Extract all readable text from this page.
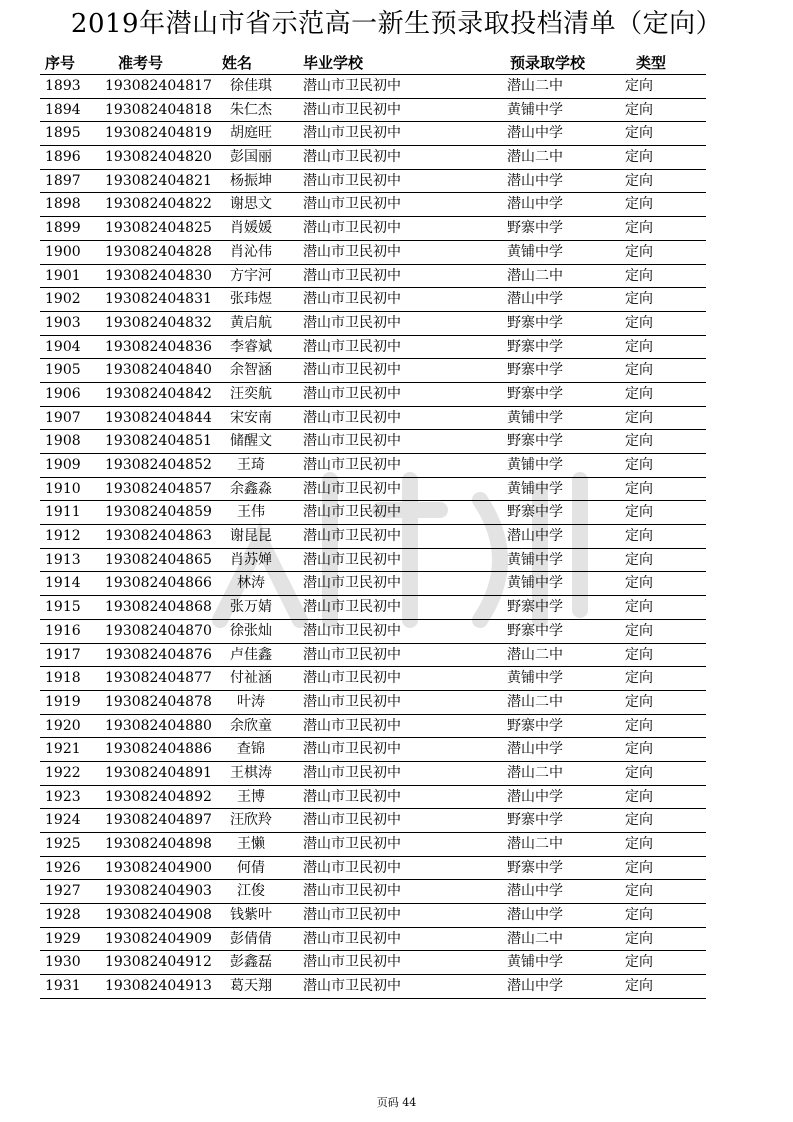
2019年潜山市省示范高一新生预录取投档清单（定向）
序号	准考号	姓名	毕业学校	预录取学校	类型
1893 193082404817 徐佳琪 潜山市卫民初中	潜山二中	定向
1894 193082404818 朱仁杰 潜山市卫民初中	黄铺中学	定向
1895 193082404819 胡庭旺 潜山市卫民初中	潜山中学	定向
1896 193082404820 彭国丽 潜山市卫民初中	潜山二中	定向
1897 193082404821 杨振坤 潜山市卫民初中	潜山中学	定向
1898 193082404822 谢思文 潜山市卫民初中	潜山中学	定向
1899 193082404825 肖媛媛 潜山市卫民初中	野寨中学	定向
1900 193082404828 肖沁伟 潜山市卫民初中	黄铺中学	定向
1901 193082404830 方宇河 潜山市卫民初中	潜山二中	定向
1902 193082404831 张玮煜 潜山市卫民初中	潜山中学	定向
1903 193082404832 黄启航 潜山市卫民初中	野寨中学	定向
1904 193082404836 李睿斌 潜山市卫民初中	野寨中学	定向
1905 193082404840 余智涵 潜山市卫民初中	野寨中学	定向
1906 193082404842 汪奕航 潜山市卫民初中	野寨中学	定向
1907 193082404844 宋安南 潜山市卫民初中	黄铺中学	定向
1908 193082404851 储醒文 潜山市卫民初中	野寨中学	定向
1909 193082404852	王琦	潜山市卫民初中	黄铺中学	定向
1910 193082404857 余鑫淼 潜山市卫民初中	黄铺中学	定向
1911 193082404859	王伟	潜山市卫民初中	野寨中学	定向
1912 193082404863 谢昆昆 潜山市卫民初中	潜山中学	定向
1913 193082404865 肖苏婵 潜山市卫民初中	黄铺中学	定向
1914 193082404866	林涛	潜山市卫民初中	黄铺中学	定向
1915 193082404868 张万婧 潜山市卫民初中	野寨中学	定向
1916 193082404870 徐张灿 潜山市卫民初中	野寨中学	定向
1917 193082404876 卢佳鑫 潜山市卫民初中	潜山二中	定向
1918 193082404877 付祉涵 潜山市卫民初中	黄铺中学	定向
1919 193082404878	叶涛	潜山市卫民初中	潜山二中	定向
1920 193082404880 余欣童 潜山市卫民初中	野寨中学	定向
1921 193082404886	查锦	潜山市卫民初中	潜山中学	定向
1922 193082404891 王棋涛 潜山市卫民初中	潜山二中	定向
1923 193082404892	王博	潜山市卫民初中	潜山中学	定向
1924 193082404897 汪欣羚 潜山市卫民初中	野寨中学	定向
1925 193082404898	王懒	潜山市卫民初中	潜山二中	定向
1926 193082404900	何倩	潜山市卫民初中	野寨中学	定向
1927 193082404903	江俊	潜山市卫民初中	潜山中学	定向
1928 193082404908 钱紫叶 潜山市卫民初中	潜山中学	定向
1929 193082404909 彭倩倩 潜山市卫民初中	潜山二中	定向
1930 193082404912 彭鑫磊 潜山市卫民初中	黄铺中学	定向
1931 193082404913 葛天翔 潜山市卫民初中	潜山中学	定向
页码 44
